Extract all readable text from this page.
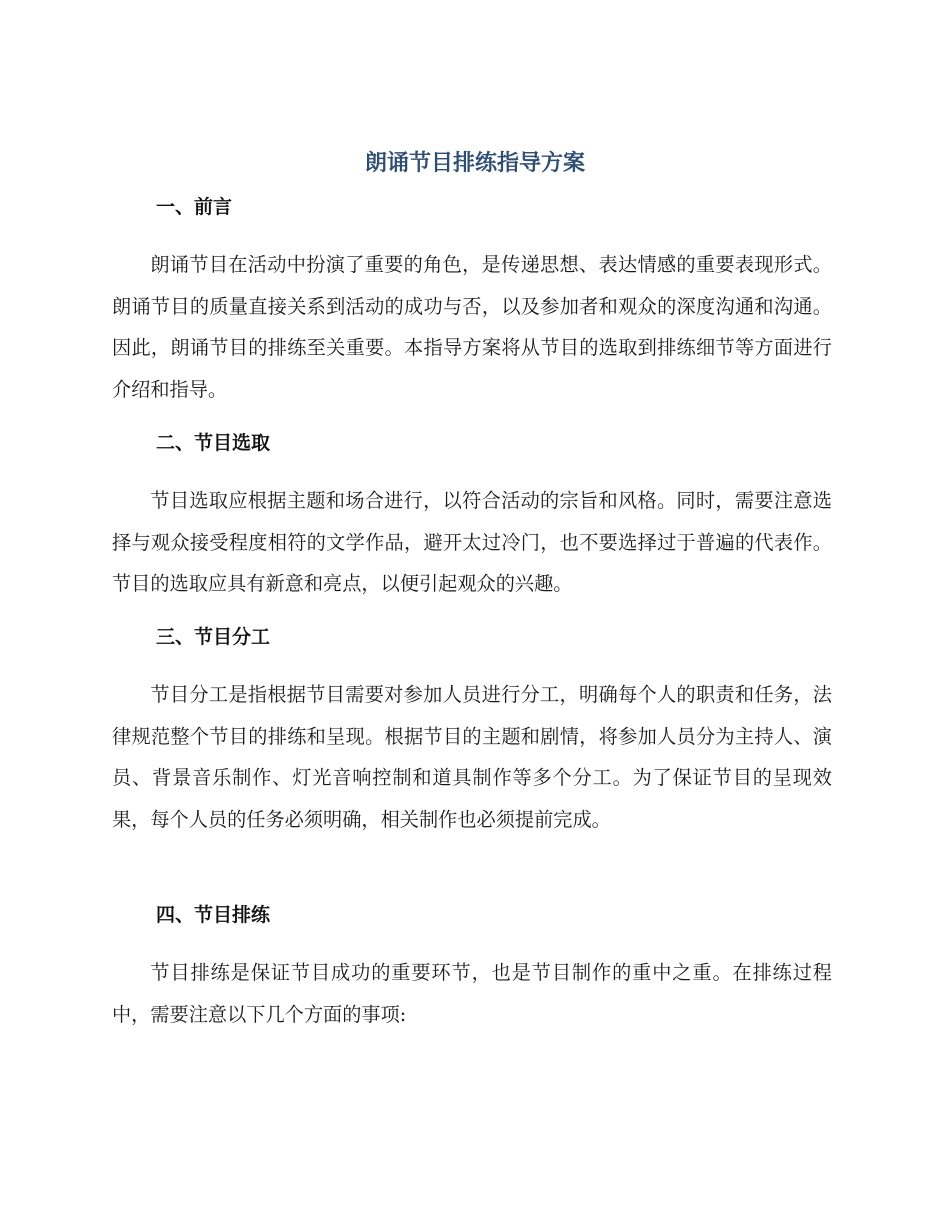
朗诵节目排练指导方案
一、前言

朗诵节目在活动中扮演了重要的角色，是传递思想、表达情感的重要表现形式。朗诵节目的质量直接关系到活动的成功与否，以及参加者和观众的深度沟通和沟通。因此，朗诵节目的排练至关重要。本指导方案将从节目的选取到排练细节等方面进行介绍和指导。

二、节目选取

节目选取应根据主题和场合进行，以符合活动的宗旨和风格。同时，需要注意选择与观众接受程度相符的文学作品，避开太过冷门，也不要选择过于普遍的代表作。节目的选取应具有新意和亮点，以便引起观众的兴趣。

三、节目分工

节目分工是指根据节目需要对参加人员进行分工，明确每个人的职责和任务，法律规范整个节目的排练和呈现。根据节目的主题和剧情，将参加人员分为主持人、演员、背景音乐制作、灯光音响控制和道具制作等多个分工。为了保证节目的呈现效果，每个人员的任务必须明确，相关制作也必须提前完成。

四、节目排练

节目排练是保证节目成功的重要环节，也是节目制作的重中之重。在排练过程中，需要注意以下几个方面的事项:
